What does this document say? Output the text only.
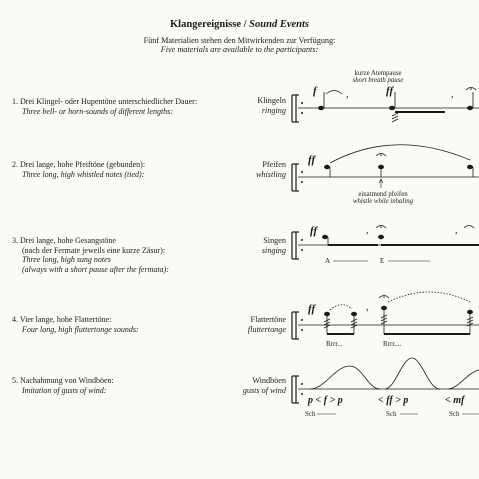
Klangereignisse / Sound Events
Fünf Materialien stehen den Mitwirkenden zur Verfügung:
Five materials are available to the participants:
1. Drei Klingel- oder Hupentöne unterschiedlicher Dauer:
Three bell- or horn-sounds of different lengths:
2. Drei lange, hohe Pfeiftöne (gebunden):
Three long, high whistled notes (tied):
3. Drei lange, hohe Gesangstöne
(nach der Fermate jeweils eine kurze Zäsur):
Three long, high sung notes
(always with a short pause after the fermata):
4. Vier lange, hohe Flattertöne:
Four long, high fluttertonge sounds:
5. Nachahmung von Windböen:
Imitation of gusts of wind:
Klingeln
ringing
Pfeifen
whistling
Singen
singing
Flattertöne
fluttertonge
Windböen
gusts of wind
kurze Atempause
short breath pause
einatmend pfeifen
whistle while inhaling
,	,
f	ff
ff
,	,
ff
A	E
,
ff
Rrrr...	Rrrr....
p < f > p	< ff > p	< mf
Sch	Sch	Sch
